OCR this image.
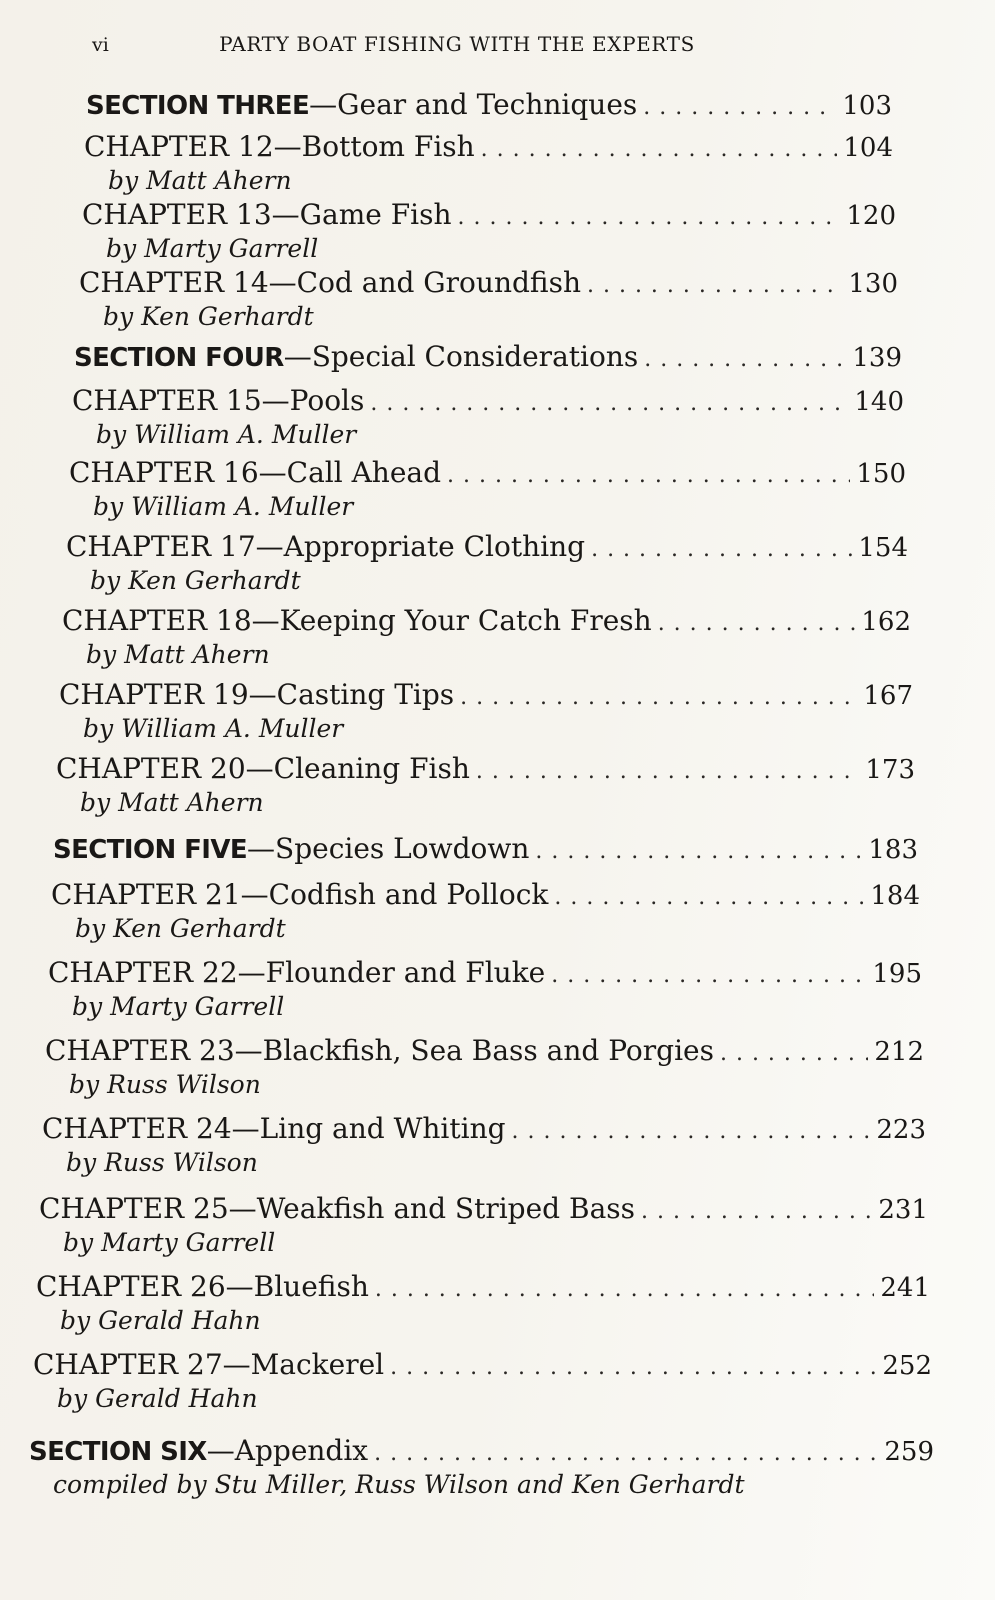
vi	PARTY BOAT FISHING WITH THE EXPERTS
SECTION THREE—Gear and Techniques . . .	103
CHAPTER 12—Bottom Fish . . .	104
by Matt Ahern
CHAPTER 13—Game Fish . . .	120
by Marty Garrell
CHAPTER 14—Cod and Groundfish . . .	130
by Ken Gerhardt
SECTION FOUR—Special Considerations . . .	139
CHAPTER 15—Pools . . .	140
by William A. Muller
CHAPTER 16—Call Ahead . . .	150
by William A. Muller
CHAPTER 17—Appropriate Clothing . . .	154
by Ken Gerhardt
CHAPTER 18—Keeping Your Catch Fresh . . .	162
by Matt Ahern
CHAPTER 19—Casting Tips . . .	167
by William A. Muller
CHAPTER 20—Cleaning Fish . . .	173
by Matt Ahern
SECTION FIVE—Species Lowdown . . .	183
CHAPTER 21—Codfish and Pollock . . .	184
by Ken Gerhardt
CHAPTER 22—Flounder and Fluke . . .	195
by Marty Garrell
CHAPTER 23—Blackfish, Sea Bass and Porgies . . .	212
by Russ Wilson
CHAPTER 24—Ling and Whiting . . .	223
by Russ Wilson
CHAPTER 25—Weakfish and Striped Bass . . .	231
by Marty Garrell
CHAPTER 26—Bluefish . . .	241
by Gerald Hahn
CHAPTER 27—Mackerel . . .	252
by Gerald Hahn
SECTION SIX—Appendix . . .	259
compiled by Stu Miller, Russ Wilson and Ken Gerhardt
